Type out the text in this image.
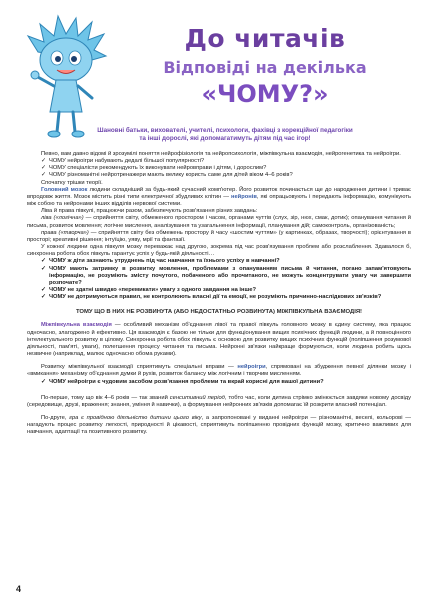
До читачів
Відповіді на декілька
«ЧОМУ?»
Шановні батьки, вихователі, учителі, психологи, фахівці з корекційної педагогіки та інші дорослі, які допомагатимуть дітям під час ігор!

Певно, вам давно відомі й зрозумілі поняття нейрофізіологія та нейропсихологія, міжпівкульна взаємодія, нейрогенетика та нейроігри.

✓ ЧОМУ нейроігри набувають дедалі більшої популярності?
✓ ЧОМУ спеціалісти рекомендують їх виконувати нейровправи і дітям, і дорослим?
✓ ЧОМУ різноманітні нейротренажери мають велику користь саме для дітей віком 4–6 років?

Спочатку трішки теорії.

Головний мозок людини складніший за будь-який сучасний комп'ютер. Його розвиток починається ще до народження дитини і триває впродовж життя. Мозок містить різні типи електричної збудливих клітин — нейронів, які опрацьовують і передають інформацію, комунікують між собою та нейронами інших відділів нервової системи.

Ліва й права півкулі, працюючи разом, забезпечують розв'язання різних завдань:

ліва («логічна») — сприйняття світу, обмеженого простором і часом, органами чуттів (слух, зір, нюх, смак, дотик); опанування читання й письма, розвиток мовлення; логічне мислення, аналізування та узагальнення інформації, планування дій; самоконтроль, організованість;

права («творча») — сприйняття світу без обмежень простору й часу «шостим чуттям» (у картинках, образах, творчості); орієнтування в просторі; креативні рішення; інтуїцію, уяву, мрії та фантазії.

У кожної людини одна півкуля мозку переважає над другою, зокрема під час розв'язування проблем або розслаблення. Здавалося б, синхронна робота обох півкуль гарантує успіх у будь-якій діяльності…

✓ ЧОМУ ж діти зазнають утруднень під час навчання та їхнього успіху в навчанні?
✓ ЧОМУ мають затримку в розвитку мовлення, проблемами з опануванням письма й читання, погано запам'ятовують інформацію, не розуміють змісту почутого, побаченого або прочитаного, не можуть концентрувати увагу чи завершити розпочате?
✓ ЧОМУ не здатні швидко «перемикати» увагу з одного завдання на інше?
✓ ЧОМУ не дотримуються правил, не контролюють власні дії та емоції, не розуміють причинно-наслідкових зв'язків?
ТОМУ ЩО В НИХ НЕ РОЗВИНУТА (АБО НЕДОСТАТНЬО РОЗВИНУТА) МІЖПІВКУЛЬНА ВЗАЄМОДІЯ!

Міжпівкульна взаємодія — особливий механізм об'єднання лівої та правої півкуль головного мозку в єдину систему, яка працює одночасно, злагоджено й ефективно. Ця взаємодія є базою не тільки для функціонування вищих психічних функцій людини, а й повноцінного інтелектуального розвитку в цілому. Синхронна робота обох півкуль є основою для розвитку вищих психічних функцій (поліпшення розумової діяльності, пам'яті, уваги), полегшення процесу читання та письма. Нейронні зв'язки найкраще формуються, коли людина робить щось незвичне (наприклад, малює одночасно обома руками).

Розвитку міжпівкульної взаємодії сприятимуть спеціальні вправи — нейроігри, спрямовані на збудження певної ділянки мозку і «вмикання» механізму об'єднання думки й рухів, розвиток балансу між логічним і творчим мисленням.

✓ ЧОМУ нейроігри є чудовим засобом розв'язання проблеми та вкрай корисні для вашої дитини?

По-перше, тому що вік 4–6 років — так званий сенситивний період, тобто час, коли дитина стрімко змінюється завдяки новому досвіду (середовище, друзі, враження; знання, уміння й навички), а формування нейронних зв'язків допомагає їй розкрити власний потенціал.

По-друге, гра є провідною діяльністю дитини цього віку, а запропоновані у виданні нейроігри — різноманітні, веселі, кольорові — нагадують процес розвитку легкості, природності й цікавості, сприятимуть поліпшенню провідних функцій мозку, критично важливих для навчання, адаптації та позитивного розвитку.

4
